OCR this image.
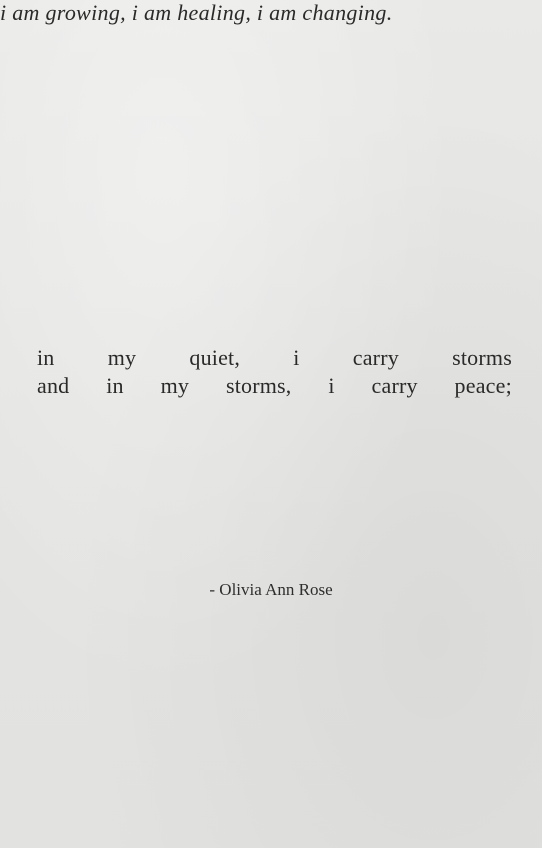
in my quiet, i carry storms
and in my storms, i carry peace;
i am growing, i am healing, i am changing.
- Olivia Ann Rose
